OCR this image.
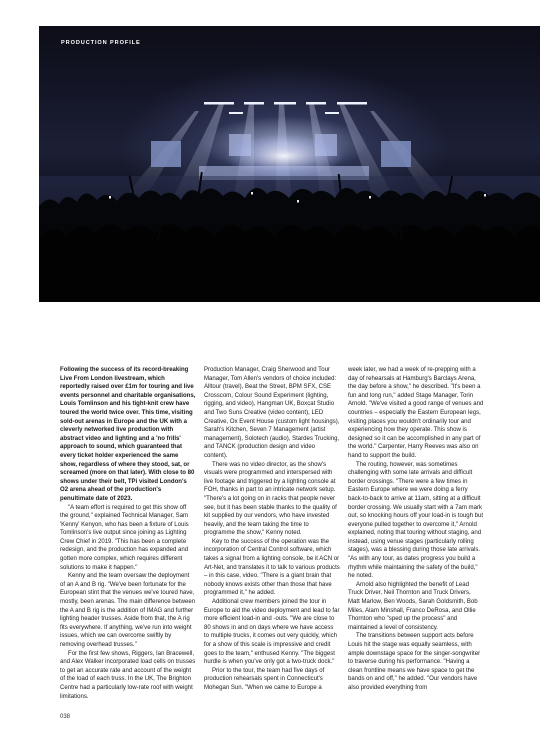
PRODUCTION PROFILE

Following the success of its record-breaking Live From London livestream, which reportedly raised over £1m for touring and live events personnel and charitable organisations, Louis Tomlinson and his tight-knit crew have toured the world twice over. This time, visiting sold-out arenas in Europe and the UK with a cleverly networked live production with abstract video and lighting and a 'no frills' approach to sound, which guaranteed that every ticket holder experienced the same show, regardless of where they stood, sat, or screamed (more on that later). With close to 80 shows under their belt, TPi visited London's O2 arena ahead of the production's penultimate date of 2023.

"A team effort is required to get this show off the ground," explained Technical Manager, Sam 'Kenny' Kenyon, who has been a fixture of Louis Tomlinson's live output since joining as Lighting Crew Chief in 2019. "This has been a complete redesign, and the production has expanded and gotten more complex, which requires different solutions to make it happen."

Kenny and the team oversaw the deployment of an A and B rig. "We've been fortunate for the European stint that the venues we've toured have, mostly, been arenas. The main difference between the A and B rig is the addition of IMAG and further lighting header trusses. Aside from that, the A rig fits everywhere. If anything, we've run into weight issues, which we can overcome swiftly by removing overhead trusses."

For the first few shows, Riggers, Ian Bracewell, and Alex Walker incorporated load cells on trusses to get an accurate rate and account of the weight of the load of each truss. In the UK, The Brighton Centre had a particularly low-rate roof with weight limitations.

Production Manager, Craig Sherwood and Tour Manager, Tom Allen's vendors of choice included: Alltour (travel), Beat the Street, BPM SFX, CSE Crosscom, Colour Sound Experiment (lighting, rigging, and video), Hangman UK, Boxcat Studio and Two Suns Creative (video content), LED Creative, Ox Event House (custom light housings), Sarah's Kitchen, Seven 7 Management (artist management), Solotech (audio), Stardes Trucking, and TANCK (production design and video content).

There was no video director, as the show's visuals were programmed and interspersed with live footage and triggered by a lighting console at FOH, thanks in part to an intricate network setup. "There's a lot going on in racks that people never see, but it has been stable thanks to the quality of kit supplied by our vendors, who have invested heavily, and the team taking the time to programme the show," Kenny noted.

Key to the success of the operation was the incorporation of Central Control software, which takes a signal from a lighting console, be it ACN or Art-Net, and translates it to talk to various products – in this case, video. "There is a giant brain that nobody knows exists other than those that have programmed it," he added.

Additional crew members joined the tour in Europe to aid the video deployment and lead to far more efficient load-in and -outs. "We are close to 80 shows in and on days where we have access to multiple trucks, it comes out very quickly, which for a show of this scale is impressive and credit goes to the team," enthused Kenny. "The biggest hurdle is when you've only got a two-truck dock."

Prior to the tour, the team had five days of production rehearsals spent in Connecticut's Mohegan Sun. "When we came to Europe a

week later, we had a week of re-prepping with a day of rehearsals at Hamburg's Barclays Arena, the day before a show," he described. "It's been a fun and long run," added Stage Manager, Torin Arnold. "We've visited a good range of venues and countries – especially the Eastern European legs, visiting places you wouldn't ordinarily tour and experiencing how they operate. This show is designed so it can be accomplished in any part of the world." Carpenter, Harry Reeves was also on hand to support the build.

The routing, however, was sometimes challenging with some late arrivals and difficult border crossings. "There were a few times in Eastern Europe where we were doing a ferry back-to-back to arrive at 11am, sitting at a difficult border crossing. We usually start with a 7am mark out, so knocking hours off your load-in is tough but everyone pulled together to overcome it," Arnold explained, noting that touring without staging, and instead, using venue stages (particularly rolling stages), was a blessing during those late arrivals. "As with any tour, as dates progress you build a rhythm while maintaining the safety of the build," he noted.

Arnold also highlighted the benefit of Lead Truck Driver, Neil Thornton and Truck Drivers, Matt Marlow, Ben Woods, Sarah Goldsmith, Bob Miles, Alam Minshall, Franco DeRosa, and Ollie Thornton who "sped up the process" and maintained a level of consistency.

The transitions between support acts before Louis hit the stage was equally seamless, with ample downstage space for the singer-songwriter to traverse during his performance. "Having a clean frontline means we have space to get the bands on and off," he added. "Our vendors have also provided everything from

038
